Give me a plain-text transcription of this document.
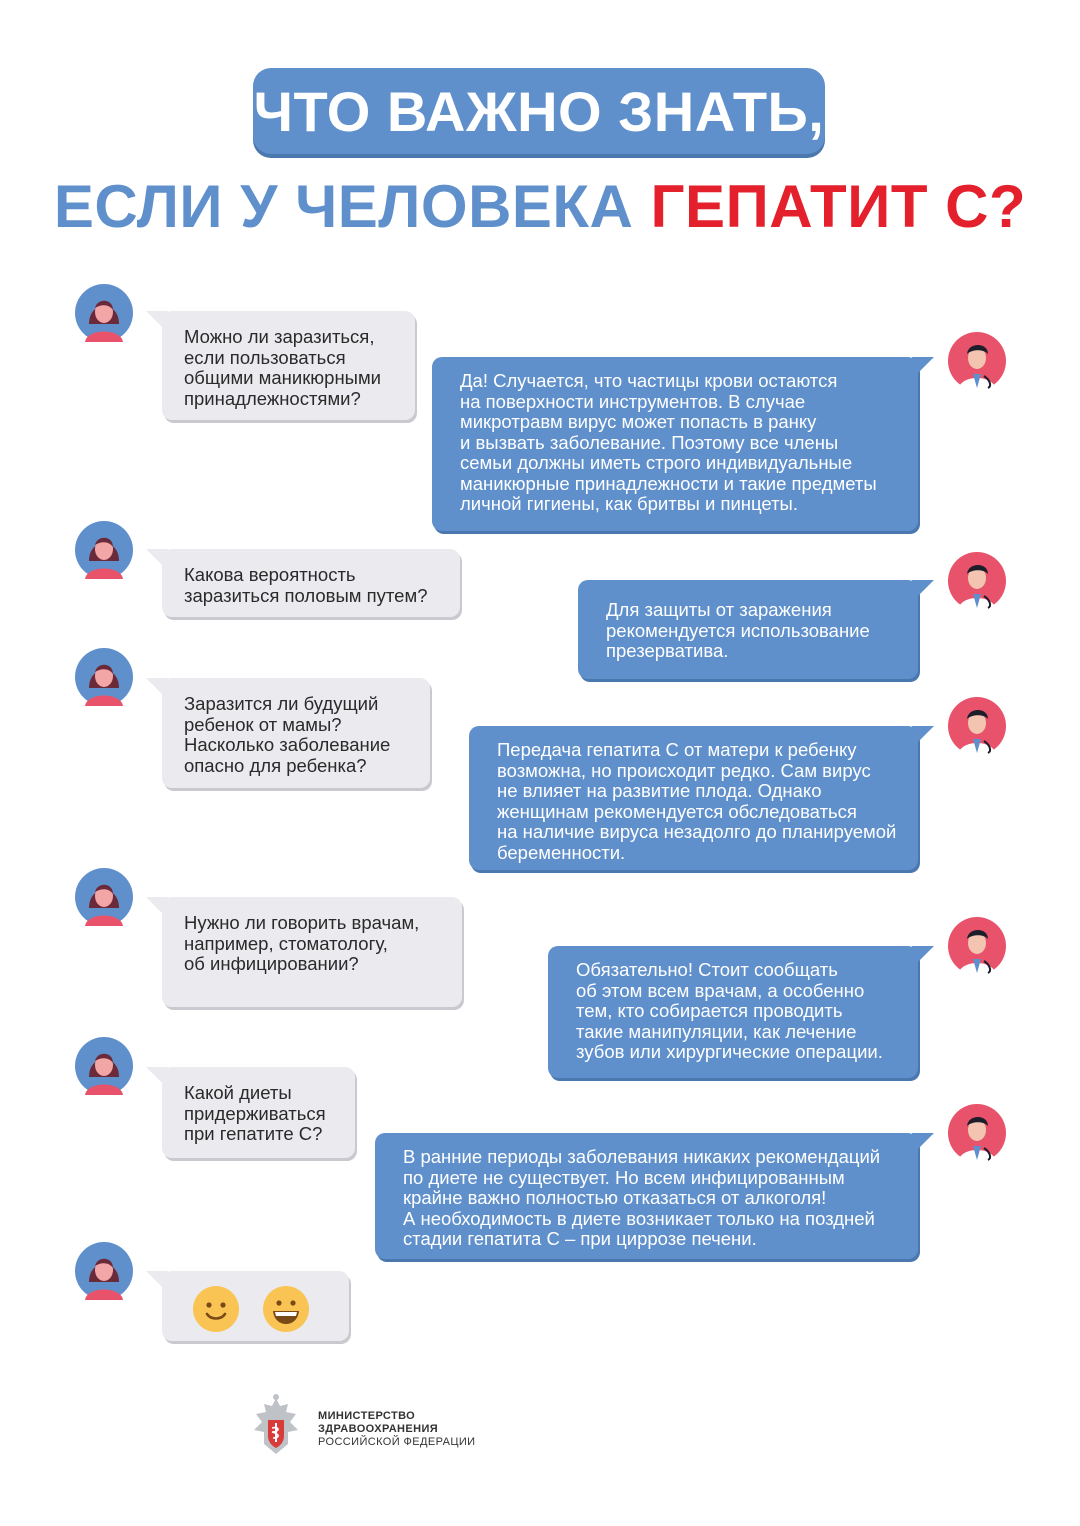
ЧТО ВАЖНО ЗНАТЬ,
ЕСЛИ У ЧЕЛОВЕКА ГЕПАТИТ С?
Можно ли заразиться,
если пользоваться
общими маникюрными
принадлежностями?
Какова вероятность
заразиться половым путем?
Заразится ли будущий
ребенок от мамы?
Насколько заболевание
опасно для ребенка?
Нужно ли говорить врачам,
например, стоматологу,
об инфицировании?
Какой диеты
придерживаться
при гепатите С?
Да! Случается, что частицы крови остаются
на поверхности инструментов. В случае
микротравм вирус может попасть в ранку
и вызвать заболевание. Поэтому все члены
семьи должны иметь строго индивидуальные
маникюрные принадлежности и такие предметы
личной гигиены, как бритвы и пинцеты.
Для защиты от заражения
рекомендуется использование
презерватива.
Передача гепатита С от матери к ребенку
возможна, но происходит редко. Сам вирус
не влияет на развитие плода. Однако
женщинам рекомендуется обследоваться
на наличие вируса незадолго до планируемой
беременности.
Обязательно! Стоит сообщать
об этом всем врачам, а особенно
тем, кто собирается проводить
такие манипуляции, как лечение
зубов или хирургические операции.
В ранние периоды заболевания никаких рекомендаций
по диете не существует. Но всем инфицированным
крайне важно полностью отказаться от алкоголя!
А необходимость в диете возникает только на поздней
стадии гепатита С – при циррозе печени.
МИНИСТЕРСТВО
ЗДРАВООХРАНЕНИЯ
РОССИЙСКОЙ ФЕДЕРАЦИИ
